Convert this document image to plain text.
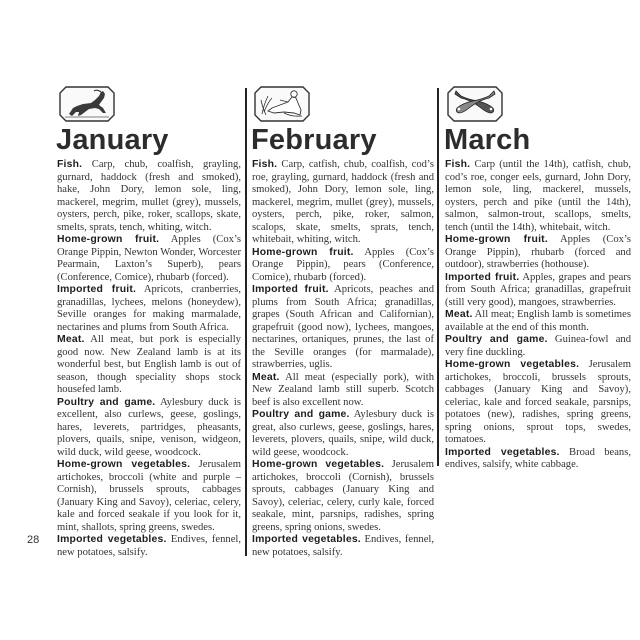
January

Fish. Carp, chub, coalfish, grayling, gurnard, haddock (fresh and smoked), hake, John Dory, lemon sole, ling, mackerel, megrim, mullet (grey), mussels, oysters, perch, pike, roker, scallops, skate, smelts, sprats, tench, whiting, witch.

Home-grown fruit. Apples (Cox’s Orange Pippin, Newton Wonder, Worcester Pearmain, Laxton’s Superb), pears (Conference, Comice), rhubarb (forced).

Imported fruit. Apricots, cranberries, granadillas, lychees, melons (honeydew), Seville oranges for making marmalade, nectarines and plums from South Africa.

Meat. All meat, but pork is especially good now. New Zealand lamb is at its wonderful best, but English lamb is out of season, though speciality shops stock housefed lamb.

Poultry and game. Aylesbury duck is excellent, also curlews, geese, goslings, hares, leverets, partridges, pheasants, plovers, quails, snipe, venison, widgeon, wild duck, wild geese, woodcock.

Home-grown vegetables. Jerusalem artichokes, broccoli (white and purple – Cornish), brussels sprouts, cabbages (January King and Savoy), celeriac, celery, kale and forced seakale if you look for it, mint, shallots, spring greens, swedes.

Imported vegetables. Endives, fennel, new potatoes, salsify.

February

Fish. Carp, catfish, chub, coalfish, cod’s roe, grayling, gurnard, haddock (fresh and smoked), John Dory, lemon sole, ling, mackerel, megrim, mullet (grey), mussels, oysters, perch, pike, roker, salmon, scalops, skate, smelts, sprats, tench, whitebait, whiting, witch.

Home-grown fruit. Apples (Cox’s Orange Pippin), pears (Conference, Comice), rhubarb (forced).

Imported fruit. Apricots, peaches and plums from South Africa; granadillas, grapes (South African and Californian), grapefruit (good now), lychees, mangoes, nectarines, ortaniques, prunes, the last of the Seville oranges (for marmalade), strawberries, uglis.

Meat. All meat (especially pork), with New Zealand lamb still superb. Scotch beef is also excellent now.

Poultry and game. Aylesbury duck is great, also curlews, geese, goslings, hares, leverets, plovers, quails, snipe, wild duck, wild geese, woodcock.

Home-grown vegetables. Jerusalem artichokes, broccoli (Cornish), brussels sprouts, cabbages (January King and Savoy), celeriac, celery, curly kale, forced seakale, mint, parsnips, radishes, spring greens, spring onions, swedes.

Imported vegetables. Endives, fennel, new potatoes, salsify.

March

Fish. Carp (until the 14th), catfish, chub, cod’s roe, conger eels, gurnard, John Dory, lemon sole, ling, mackerel, mussels, oysters, perch and pike (until the 14th), salmon, salmon-trout, scallops, smelts, tench (until the 14th), whitebait, witch.

Home-grown fruit. Apples (Cox’s Orange Pippin), rhubarb (forced and outdoor), strawberries (hothouse).

Imported fruit. Apples, grapes and pears from South Africa; granadillas, grapefruit (still very good), mangoes, strawberries.

Meat. All meat; English lamb is sometimes available at the end of this month.

Poultry and game. Guinea-fowl and very fine duckling.

Home-grown vegetables. Jerusalem artichokes, broccoli, brussels sprouts, cabbages (January King and Savoy), celeriac, kale and forced seakale, parsnips, potatoes (new), radishes, spring greens, spring onions, sprout tops, swedes, tomatoes.

Imported vegetables. Broad beans, endives, salsify, white cabbage.

28
